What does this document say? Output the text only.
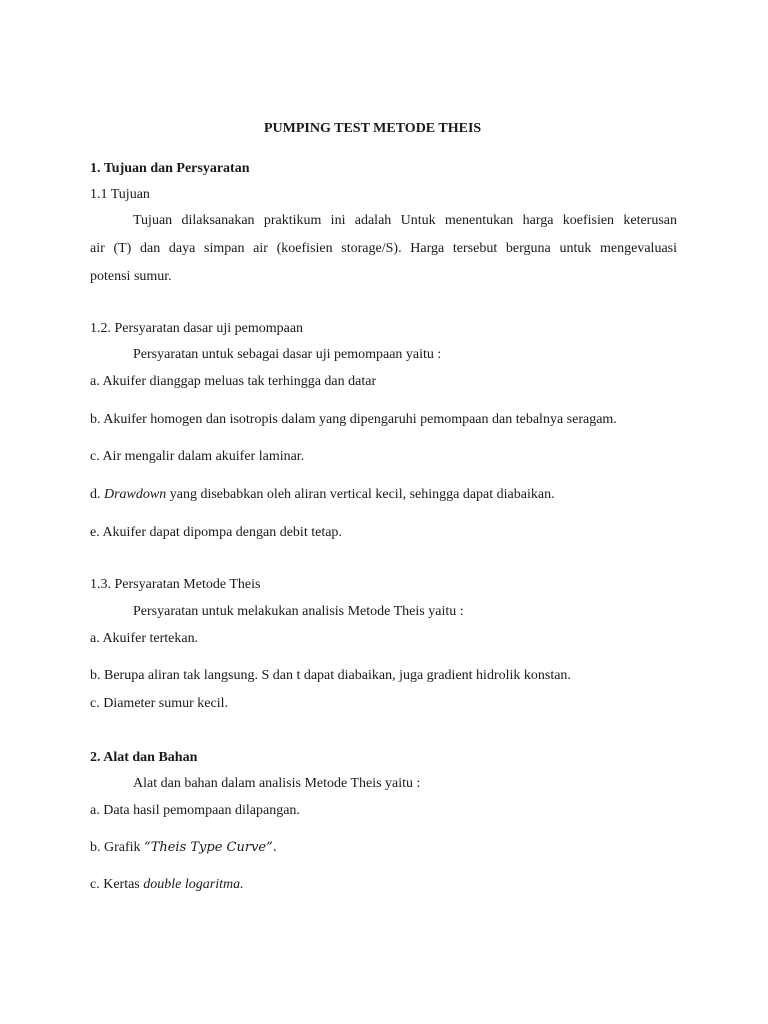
PUMPING TEST METODE THEIS
1. Tujuan dan Persyaratan
1.1 Tujuan
Tujuan dilaksanakan praktikum ini adalah Untuk menentukan harga koefisien keterusan
air (T) dan daya simpan air (koefisien storage/S). Harga tersebut berguna untuk mengevaluasi
potensi sumur.
1.2. Persyaratan dasar uji pemompaan
Persyaratan untuk sebagai dasar uji pemompaan yaitu :
a. Akuifer dianggap meluas tak terhingga dan datar
b. Akuifer homogen dan isotropis dalam yang dipengaruhi pemompaan dan tebalnya seragam.
c. Air mengalir dalam akuifer laminar.
d. Drawdown yang disebabkan oleh aliran vertical kecil, sehingga dapat diabaikan.
e. Akuifer dapat dipompa dengan debit tetap.
1.3. Persyaratan Metode Theis
Persyaratan untuk melakukan analisis Metode Theis yaitu :
a. Akuifer tertekan.
b. Berupa aliran tak langsung. S dan t dapat diabaikan, juga gradient hidrolik konstan.
c. Diameter sumur kecil.
2. Alat dan Bahan
Alat dan bahan dalam analisis Metode Theis yaitu :
a. Data hasil pemompaan dilapangan.
b. Grafik “Theis Type Curve”.
c. Kertas double logaritma.
